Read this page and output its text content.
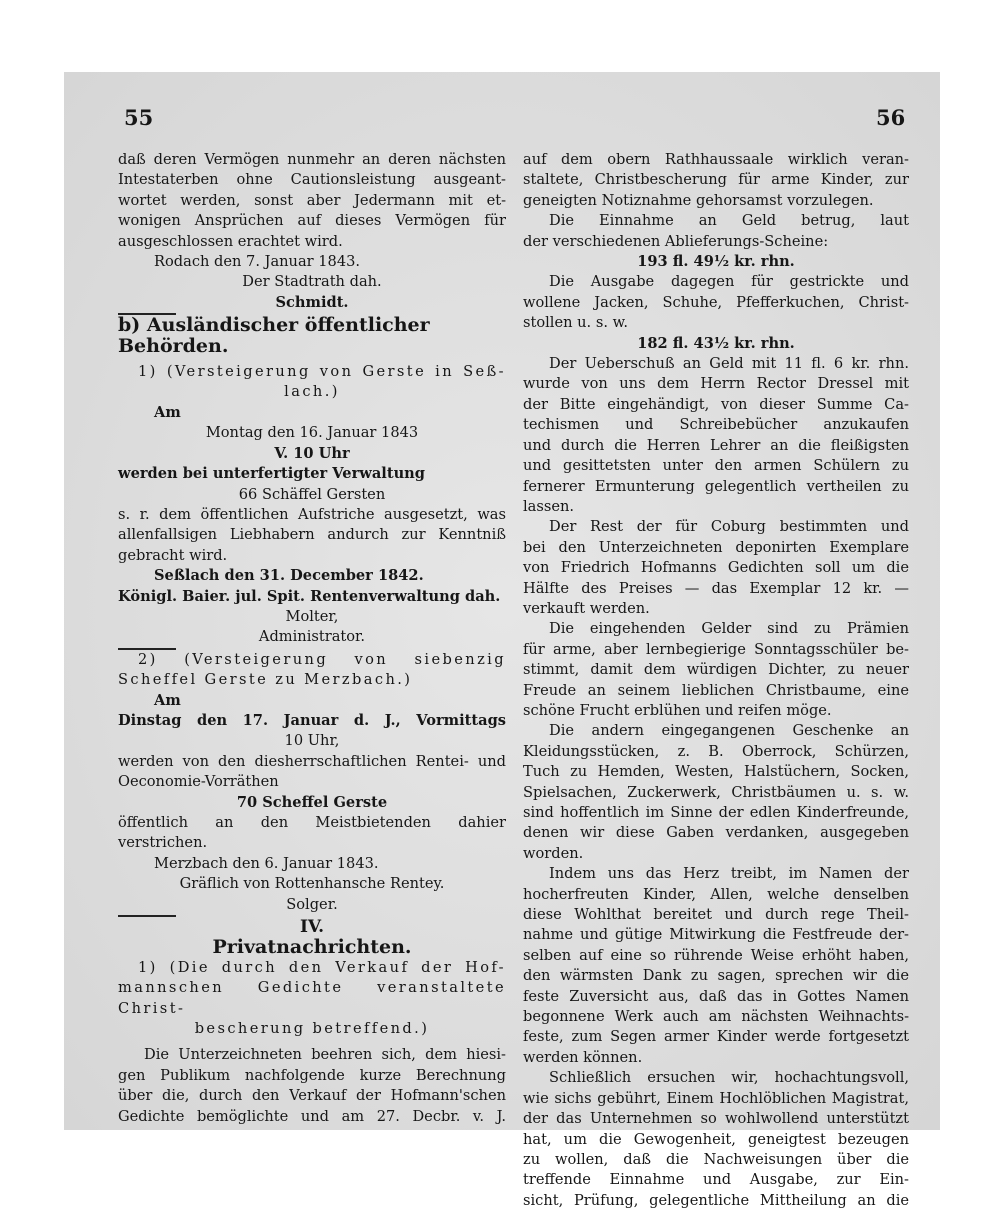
55	56
daß deren Vermögen nunmehr an deren nächsten
Intestaterben ohne Cautionsleistung ausgeant-
wortet werden, sonst aber Jedermann mit et-
wonigen Ansprüchen auf dieses Vermögen für
ausgeschlossen erachtet wird.
Rodach den 7. Januar 1843.
Der Stadtrath dah.
Schmidt.
b) Ausländischer öffentlicher Behörden.
1) (Versteigerung von Gerste in Seß-
lach.)
Am
Montag den 16. Januar 1843
V. 10 Uhr
werden bei unterfertigter Verwaltung
66 Schäffel Gersten
s. r. dem öffentlichen Aufstriche ausgesetzt, was
allenfallsigen Liebhabern andurch zur Kenntniß
gebracht wird.
Seßlach den 31. December 1842.
Königl. Baier. jul. Spit. Rentenverwaltung dah.
Molter,
Administrator.
2) (Versteigerung von siebenzig
Scheffel Gerste zu Merzbach.)
Am
Dinstag den 17. Januar d. J., Vormittags
10 Uhr,
werden von den diesherrschaftlichen Rentei- und
Oeconomie-Vorräthen
70 Scheffel Gerste
öffentlich an den Meistbietenden dahier verstrichen.
Merzbach den 6. Januar 1843.
Gräflich von Rottenhansche Rentey.
Solger.
IV.
Privatnachrichten.
1) (Die durch den Verkauf der Hof-
mannschen Gedichte veranstaltete Christ-
bescherung betreffend.)
Die Unterzeichneten beehren sich, dem hiesi-
gen Publikum nachfolgende kurze Berechnung
über die, durch den Verkauf der Hofmann'schen
Gedichte bemöglichte und am 27. Decbr. v. J.
auf dem obern Rathhaussaale wirklich veran-
staltete, Christbescherung für arme Kinder, zur
geneigten Notiznahme gehorsamst vorzulegen.
Die Einnahme an Geld betrug, laut
der verschiedenen Ablieferungs-Scheine:
193 fl. 49½ kr. rhn.
Die Ausgabe dagegen für gestrickte und
wollene Jacken, Schuhe, Pfefferkuchen, Christ-
stollen u. s. w.
182 fl. 43½ kr. rhn.
Der Ueberschuß an Geld mit 11 fl. 6 kr. rhn.
wurde von uns dem Herrn Rector Dressel mit
der Bitte eingehändigt, von dieser Summe Ca-
techismen und Schreibebücher anzukaufen
und durch die Herren Lehrer an die fleißigsten
und gesittetsten unter den armen Schülern zu
fernerer Ermunterung gelegentlich vertheilen zu
lassen.
Der Rest der für Coburg bestimmten und
bei den Unterzeichneten deponirten Exemplare
von Friedrich Hofmanns Gedichten soll um die
Hälfte des Preises — das Exemplar 12 kr. —
verkauft werden.
Die eingehenden Gelder sind zu Prämien
für arme, aber lernbegierige Sonntagsschüler be-
stimmt, damit dem würdigen Dichter, zu neuer
Freude an seinem lieblichen Christbaume, eine
schöne Frucht erblühen und reifen möge.
Die andern eingegangenen Geschenke an
Kleidungsstücken, z. B. Oberrock, Schürzen,
Tuch zu Hemden, Westen, Halstüchern, Socken,
Spielsachen, Zuckerwerk, Christbäumen u. s. w.
sind hoffentlich im Sinne der edlen Kinderfreunde,
denen wir diese Gaben verdanken, ausgegeben
worden.
Indem uns das Herz treibt, im Namen der
hocherfreuten Kinder, Allen, welche denselben
diese Wohlthat bereitet und durch rege Theil-
nahme und gütige Mitwirkung die Festfreude der-
selben auf eine so rührende Weise erhöht haben,
den wärmsten Dank zu sagen, sprechen wir die
feste Zuversicht aus, daß das in Gottes Namen
begonnene Werk auch am nächsten Weihnachts-
feste, zum Segen armer Kinder werde fortgesetzt
werden können.
Schließlich ersuchen wir, hochachtungsvoll,
wie sichs gebührt, Einem Hochlöblichen Magistrat,
der das Unternehmen so wohlwollend unterstützt
hat, um die Gewogenheit, geneigtest bezeugen
zu wollen, daß die Nachweisungen über die
treffende Einnahme und Ausgabe, zur Ein-
sicht, Prüfung, gelegentliche Mittheilung an die
